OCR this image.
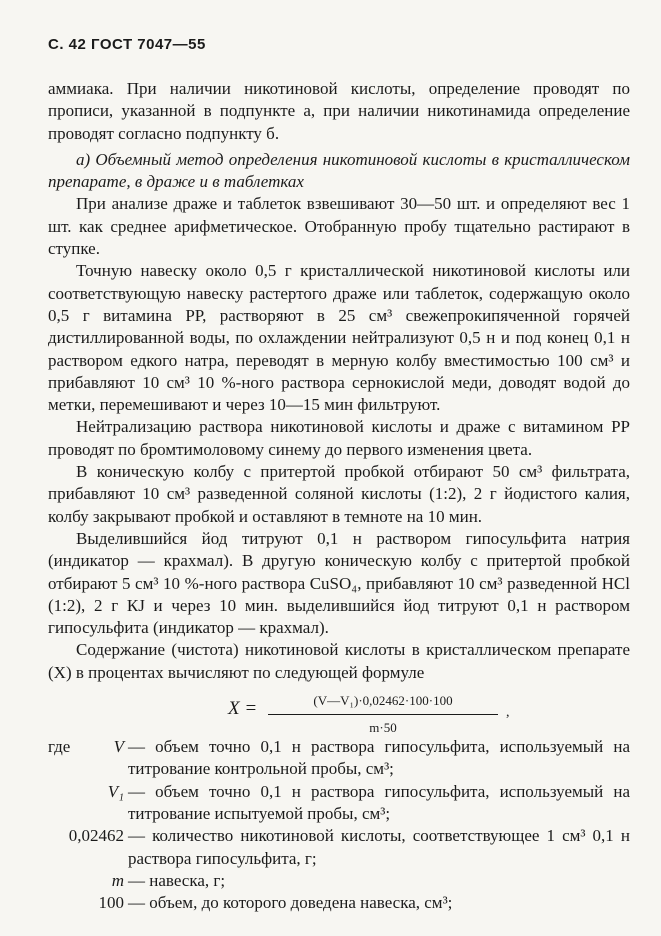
С. 42 ГОСТ 7047—55

аммиака. При наличии никотиновой кислоты, определение проводят по прописи, указанной в подпункте а, при наличии никотинамида определение проводят согласно подпункту б.

а) Объемный метод определения никотиновой кислоты в кристаллическом препарате, в драже и в таблетках

При анализе драже и таблеток взвешивают 30—50 шт. и определяют вес 1 шт. как среднее арифметическое. Отобранную пробу тщательно растирают в ступке.

Точную навеску около 0,5 г кристаллической никотиновой кислоты или соответствующую навеску растертого драже или таблеток, содержащую около 0,5 г витамина РР, растворяют в 25 см³ свежепрокипяченной горячей дистиллированной воды, по охлаждении нейтрализуют 0,5 н и под конец 0,1 н раствором едкого натра, переводят в мерную колбу вместимостью 100 см³ и прибавляют 10 см³ 10 %-ного раствора сернокислой меди, доводят водой до метки, перемешивают и через 10—15 мин фильтруют.

Нейтрализацию раствора никотиновой кислоты и драже с витамином РР проводят по бромтимоловому синему до первого изменения цвета.

В коническую колбу с притертой пробкой отбирают 50 см³ фильтрата, прибавляют 10 см³ разведенной соляной кислоты (1:2), 2 г йодистого калия, колбу закрывают пробкой и оставляют в темноте на 10 мин.

Выделившийся йод титруют 0,1 н раствором гипосульфита натрия (индикатор — крахмал). В другую коническую колбу с притертой пробкой отбирают 5 см³ 10 %-ного раствора CuSO₄, прибавляют 10 см³ разведенной НСl (1:2), 2 г КJ и через 10 мин. выделившийся йод титруют 0,1 н раствором гипосульфита (индикатор — крахмал).

Содержание (чистота) никотиновой кислоты в кристаллическом препарате (X) в процентах вычисляют по следующей формуле

$X = \frac{\text{(V—V₁)·0,02462·100·100}}{m\cdot 50}$ ,
где	V — объем точно 0,1 н раствора гипосульфита, используемый на титрование контрольной пробы, см³;
V₁ — объем точно 0,1 н раствора гипосульфита, используемый на титрование испытуемой пробы, см³;
0,02462 — количество никотиновой кислоты, соответствующее 1 см³ 0,1 н раствора гипосульфита, г;
m — навеска, г;
100 — объем, до которого доведена навеска, см³;
